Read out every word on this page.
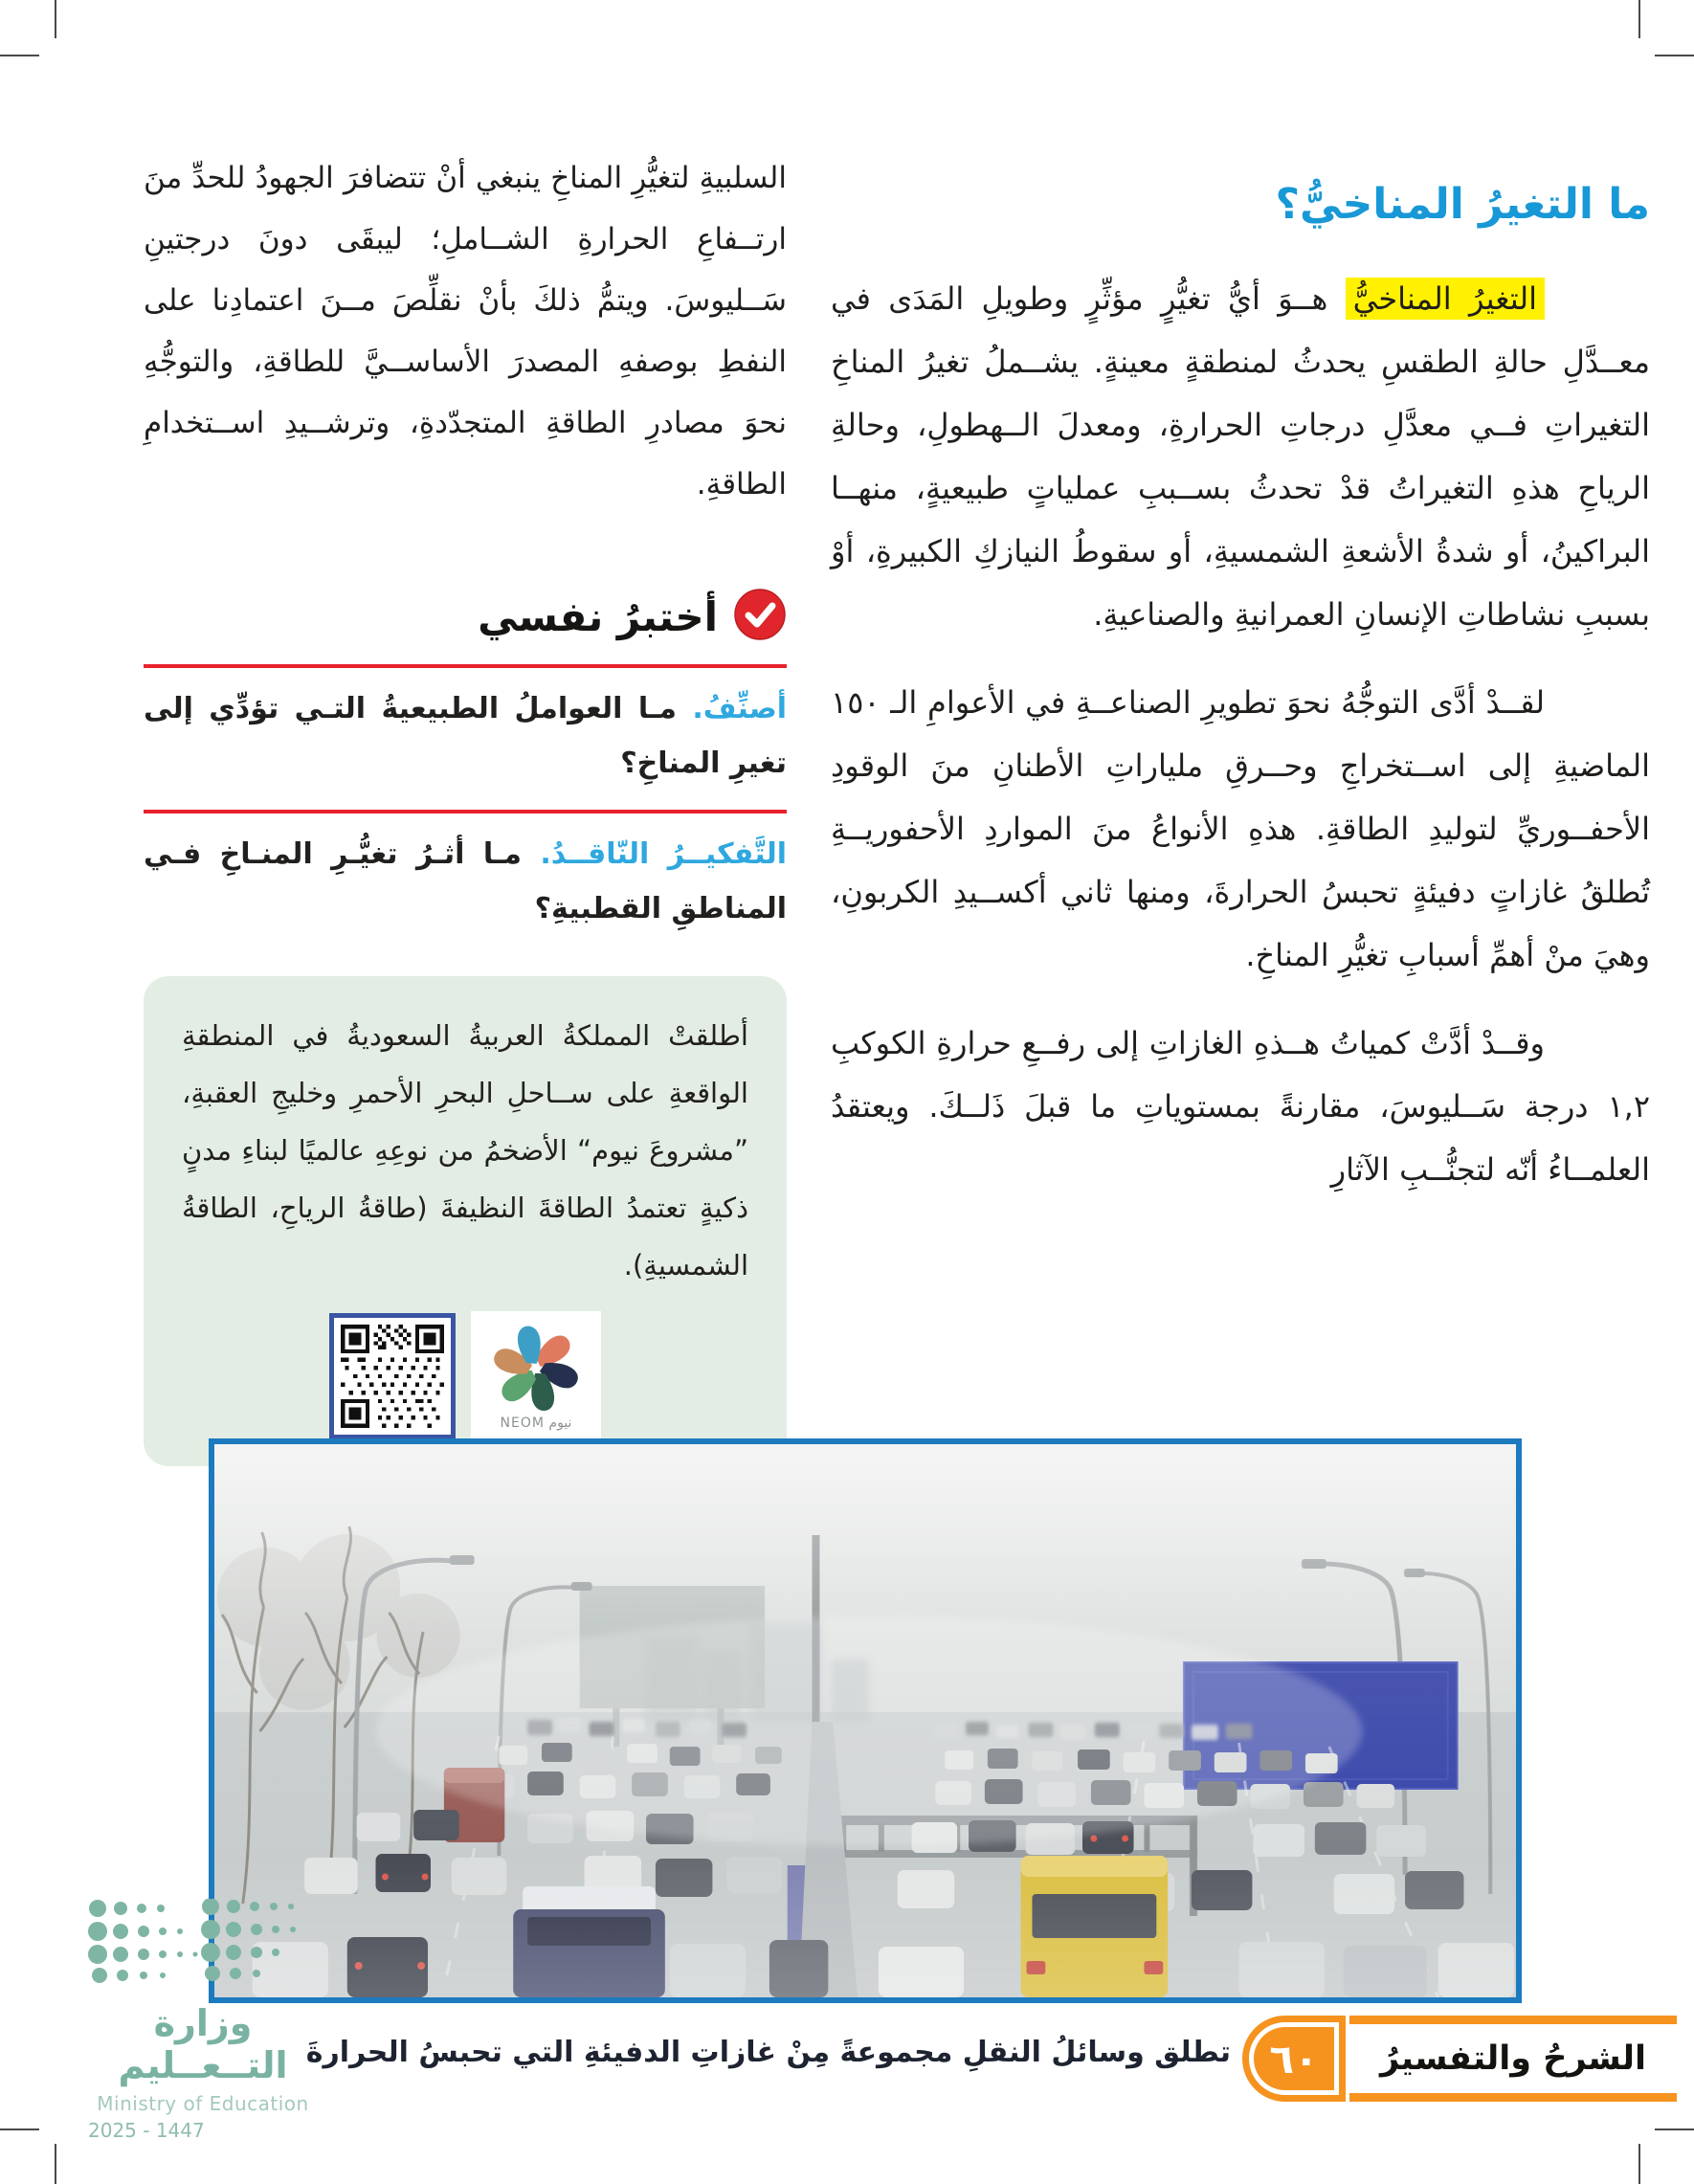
ما التغيرُ المناخيُّ؟

التغيرُ المناخيُّ هــوَ أيُّ تغيُّرٍ مؤثِّرٍ وطويلِ المَدَى في معــدَّلِ حالةِ الطقسِ يحدثُ لمنطقةٍ معينةٍ. يشــملُ تغيرُ المناخِ التغيراتِ فــي معدَّلِ درجاتِ الحرارةِ، ومعدلَ الــهطولِ، وحالةِ الرياحِ هذهِ التغيراتُ قدْ تحدثُ بســببِ عملياتٍ طبيعيةٍ، منهــا البراكينُ، أو شدةُ الأشعةِ الشمسيةِ، أو سقوطُ النيازكِ الكبيرةِ، أوْ بسببِ نشاطاتِ الإنسانِ العمرانيةِ والصناعيةِ.

لقــدْ أدَّى التوجُّهُ نحوَ تطويرِ الصناعــةِ في الأعوامِ الـ ١٥٠ الماضيةِ إلى اســتخراجِ وحــرقِ ملياراتِ الأطنانِ منَ الوقودِ الأحفــوريِّ لتوليدِ الطاقةِ. هذهِ الأنواعُ منَ المواردِ الأحفوريــةِ تُطلقُ غازاتٍ دفيئةٍ تحبسُ الحرارةَ، ومنها ثاني أكســيدِ الكربونِ، وهيَ منْ أهمِّ أسبابِ تغيُّرِ المناخِ.

وقــدْ أدَّتْ كمياتُ هــذهِ الغازاتِ إلى رفــعِ حرارةِ الكوكبِ ١,٢ درجة سَــليوسَ، مقارنةً بمستوياتِ ما قبلَ ذَلــكَ. ويعتقدُ العلمــاءُ أنّه لتجنُّــبِ الآثارِ

السلبيةِ لتغيُّرِ المناخِ ينبغي أنْ تتضافرَ الجهودُ للحدِّ منَ ارتــفاعِ الحرارةِ الشــاملِ؛ ليبقَى دونَ درجتينِ سَــليوسَ. ويتمُّ ذلكَ بأنْ نقلِّصَ مــنَ اعتمادِنا على النفطِ بوصفهِ المصدرَ الأساســيَّ للطاقةِ، والتوجُّهِ نحوَ مصادرِ الطاقةِ المتجدّدةِ، وترشــيدِ اســتخدامِ الطاقةِ.

أختبرُ نفسي

أصنِّفُ. مـا العواملُ الطبيعيةُ التـي تؤدِّي إلى تغيرِ المناخِ؟

التَّفكيــرُ النّاقــدُ. مـا أثـرُ تغيُّـرِ المنـاخِ فـي المناطقِ القطبيةِ؟

أطلقتْ المملكةُ العربيةُ السعوديةُ في المنطقةِ الواقعةِ على ســاحلِ البحرِ الأحمرِ وخليجِ العقبةِ، ”مشروعَ نيوم“ الأضخمُ من نوعِهِ عالميًا لبناءِ مدنٍ ذكيةٍ تعتمدُ الطاقةَ النظيفةَ (طاقةُ الرياحِ، الطاقةُ الشمسيةِ).

نيوم NEOM
وزارة التــعــليم
Ministry of Education
2025 - 1447
تطلق وسائلُ النقلِ مجموعةً مِنْ غازاتِ الدفيئةِ التي تحبسُ الحرارةَ ٦٠	الشرحُ والتفسيرُ
